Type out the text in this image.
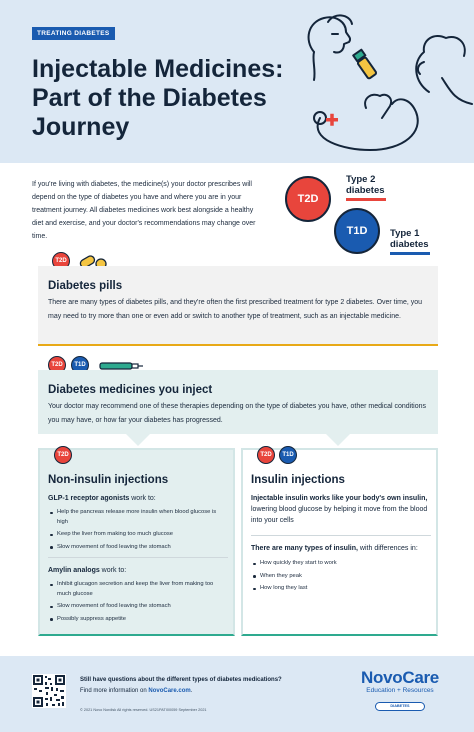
TREATING DIABETES
Injectable Medicines: Part of the Diabetes Journey
If you're living with diabetes, the medicine(s) your doctor prescribes will depend on the type of diabetes you have and where you are in your treatment journey. All diabetes medicines work best alongside a healthy diet and exercise, and your doctor's recommendations may change over time.
T2D
Type 2 diabetes
T1D Type 1 diabetes
T2D
Diabetes pills
There are many types of diabetes pills, and they're often the first prescribed treatment for type 2 diabetes. Over time, you may need to try more than one or even add or switch to another type of treatment, such as an injectable medicine.
T2D T1D
Diabetes medicines you inject
Your doctor may recommend one of these therapies depending on the type of diabetes you have, other medical conditions you may have, or how far your diabetes has progressed.
T2D
Non-insulin injections
GLP-1 receptor agonists work to:
Help the pancreas release more insulin when blood glucose is high
Keep the liver from making too much glucose
Slow movement of food leaving the stomach
Amylin analogs work to:
Inhibit glucagon secretion and keep the liver from making too much glucose
Slow movement of food leaving the stomach
Possibly suppress appetite
T2D T1D
Insulin injections
Injectable insulin works like your body's own insulin, lowering blood glucose by helping it move from the blood into your cells
There are many types of insulin, with differences in:
How quickly they start to work
When they peak
How long they last
Still have questions about the different types of diabetes medications?
Find more information on NovoCare.com.
© 2021 Novo Nordisk All rights reserved. US21PATI00059 September 2021
NovoCare
Education + Resources
DIABETES
